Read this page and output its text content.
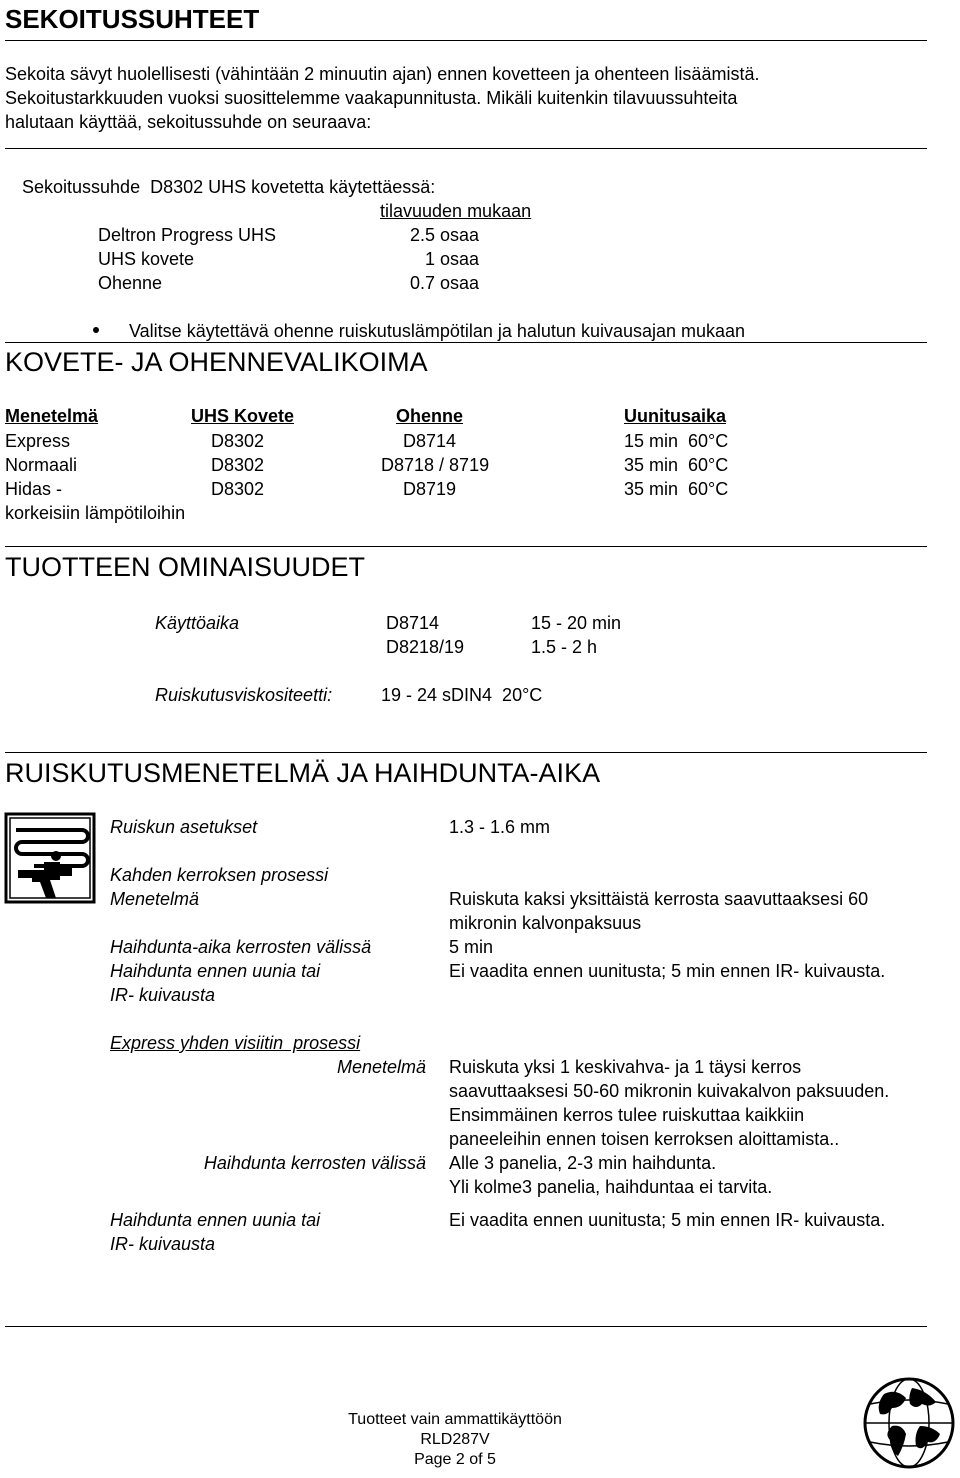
SEKOITUSSUHTEET
Sekoita sävyt huolellisesti (vähintään 2 minuutin ajan) ennen kovetteen ja ohenteen lisäämistä.
Sekoitustarkkuuden vuoksi suosittelemme vaakapunnitusta. Mikäli kuitenkin tilavuussuhteita
halutaan käyttää, sekoitussuhde on seuraava:
Sekoitussuhde  D8302 UHS kovetetta käytettäessä:
tilavuuden mukaan
Deltron Progress UHS	2.5 osaa
UHS kovete	1 osaa
Ohenne	0.7 osaa
Valitse käytettävä ohenne ruiskutuslämpötilan ja halutun kuivausajan mukaan
KOVETE- JA OHENNEVALIKOIMA
Menetelmä	UHS Kovete	Ohenne	Uunitusaika
Express	D8302	D8714	15 min  60°C
Normaali	D8302	D8718 / 8719	35 min  60°C
Hidas -	D8302	D8719	35 min  60°C
korkeisiin lämpötiloihin
TUOTTEEN OMINAISUUDET
Käyttöaika	D8714	15 - 20 min
D8218/19	1.5 - 2 h
Ruiskutusviskositeetti:	19 - 24 sDIN4  20°C
RUISKUTUSMENETELMÄ JA HAIHDUNTA-AIKA
Ruiskun asetukset	1.3 - 1.6 mm
Kahden kerroksen prosessi
Menetelmä	Ruiskuta kaksi yksittäistä kerrosta saavuttaaksesi 60
mikronin kalvonpaksuus
Haihdunta-aika kerrosten välissä	5 min
Haihdunta ennen uunia tai
IR- kuivausta
Ei vaadita ennen uunitusta; 5 min ennen IR- kuivausta.
Express yhden visiitin  prosessi
Menetelmä Ruiskuta yksi 1 keskivahva- ja 1 täysi kerros
saavuttaaksesi 50-60 mikronin kuivakalvon paksuuden.
Ensimmäinen kerros tulee ruiskuttaa kaikkiin
paneeleihin ennen toisen kerroksen aloittamista..
Haihdunta kerrosten välissä Alle 3 panelia, 2-3 min haihdunta.
Yli kolme3 panelia, haihduntaa ei tarvita.
Haihdunta ennen uunia tai
IR- kuivausta
Ei vaadita ennen uunitusta; 5 min ennen IR- kuivausta.
Tuotteet vain ammattikäyttöön
RLD287V
Page 2 of 5
